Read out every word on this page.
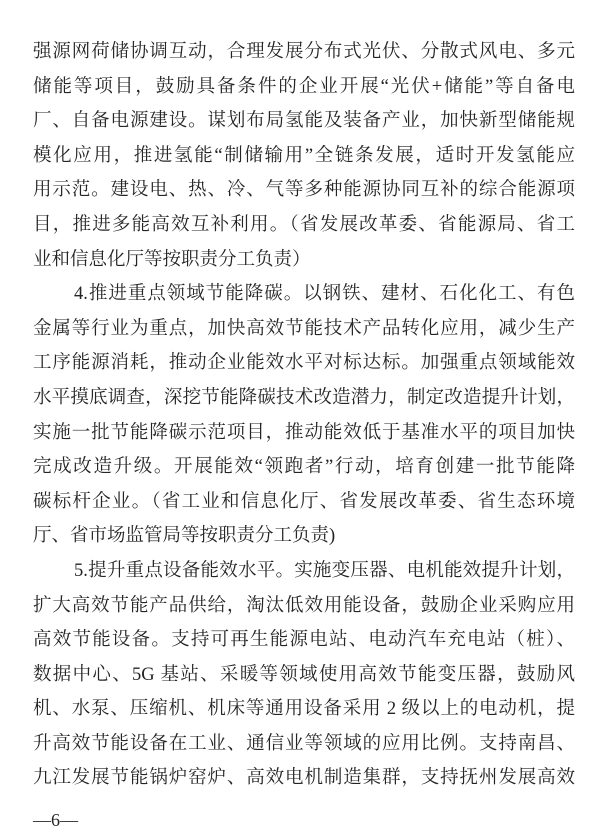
强源网荷储协调互动，合理发展分布式光伏、分散式风电、多元
储能等项目，鼓励具备条件的企业开展“光伏+储能”等自备电
厂、自备电源建设。谋划布局氢能及装备产业，加快新型储能规
模化应用，推进氢能“制储输用”全链条发展，适时开发氢能应
用示范。建设电、热、冷、气等多种能源协同互补的综合能源项
目，推进多能高效互补利用。（省发展改革委、省能源局、省工
业和信息化厅等按职责分工负责）
4.推进重点领域节能降碳。以钢铁、建材、石化化工、有色
金属等行业为重点，加快高效节能技术产品转化应用，减少生产
工序能源消耗，推动企业能效水平对标达标。加强重点领域能效
水平摸底调查，深挖节能降碳技术改造潜力，制定改造提升计划，
实施一批节能降碳示范项目，推动能效低于基准水平的项目加快
完成改造升级。开展能效“领跑者”行动，培育创建一批节能降
碳标杆企业。（省工业和信息化厅、省发展改革委、省生态环境
厅、省市场监管局等按职责分工负责)
5.提升重点设备能效水平。实施变压器、电机能效提升计划，
扩大高效节能产品供给，淘汰低效用能设备，鼓励企业采购应用
高效节能设备。支持可再生能源电站、电动汽车充电站（桩）、
数据中心、5G 基站、采暖等领域使用高效节能变压器，鼓励风
机、水泵、压缩机、机床等通用设备采用 2 级以上的电动机，提
升高效节能设备在工业、通信业等领域的应用比例。支持南昌、
九江发展节能锅炉窑炉、高效电机制造集群，支持抚州发展高效
—6—
